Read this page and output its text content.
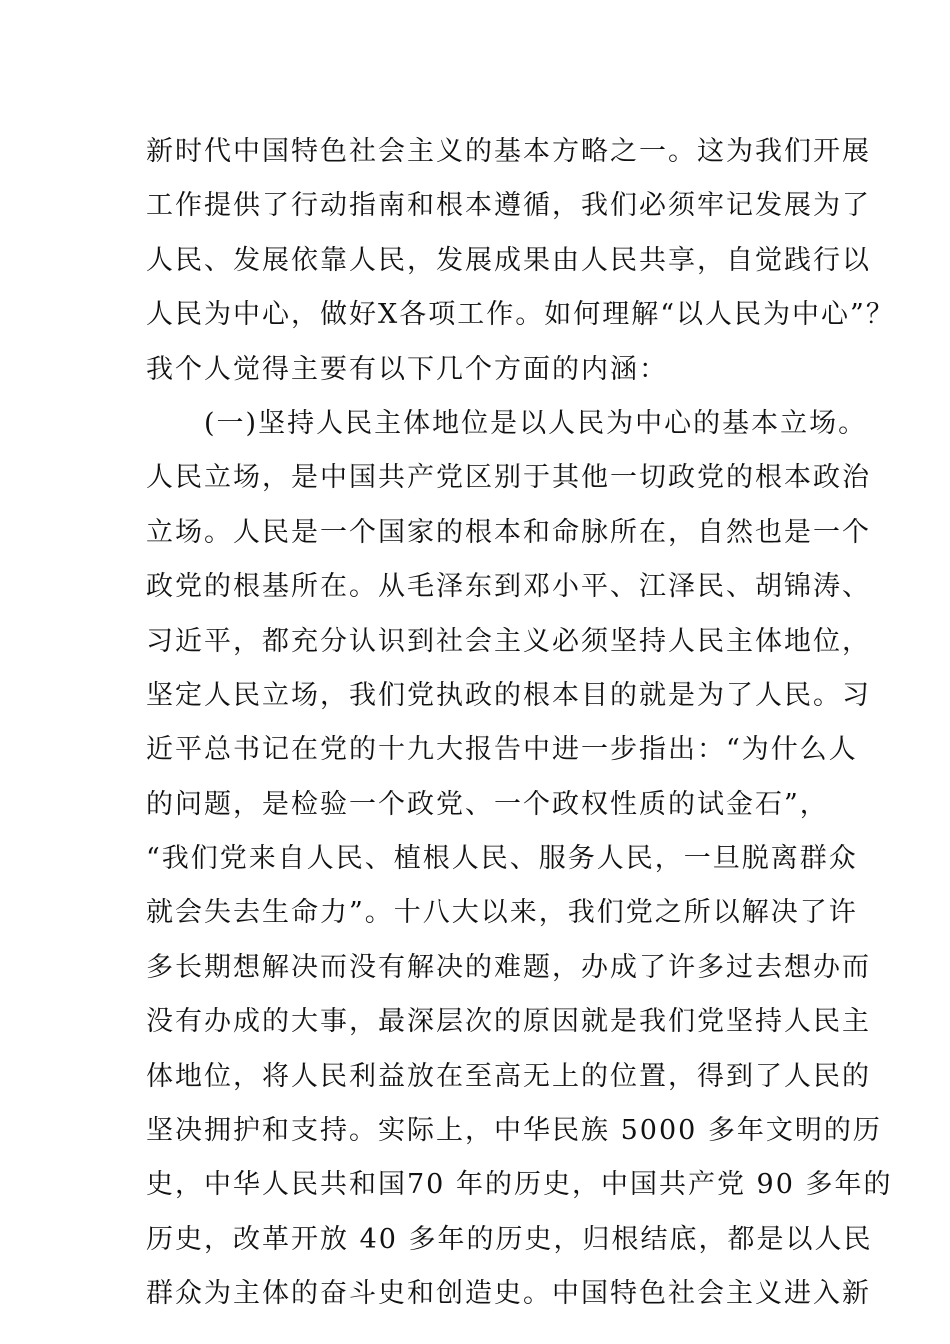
新时代中国特色社会主义的基本方略之一。这为我们开展
工作提供了行动指南和根本遵循，我们必须牢记发展为了
人民、发展依靠人民，发展成果由人民共享，自觉践行以
人民为中心，做好X各项工作。如何理解“以人民为中心”？
我个人觉得主要有以下几个方面的内涵：
　　(一)坚持人民主体地位是以人民为中心的基本立场。
人民立场，是中国共产党区别于其他一切政党的根本政治
立场。人民是一个国家的根本和命脉所在，自然也是一个
政党的根基所在。从毛泽东到邓小平、江泽民、胡锦涛、
习近平，都充分认识到社会主义必须坚持人民主体地位，
坚定人民立场，我们党执政的根本目的就是为了人民。习
近平总书记在党的十九大报告中进一步指出：“为什么人
的问题，是检验一个政党、一个政权性质的试金石”，
“我们党来自人民、植根人民、服务人民，一旦脱离群众
就会失去生命力”。十八大以来，我们党之所以解决了许
多长期想解决而没有解决的难题，办成了许多过去想办而
没有办成的大事，最深层次的原因就是我们党坚持人民主
体地位，将人民利益放在至高无上的位置，得到了人民的
坚决拥护和支持。实际上，中华民族 5000 多年文明的历
史，中华人民共和国70 年的历史，中国共产党 90 多年的
历史，改革开放 40 多年的历史，归根结底，都是以人民
群众为主体的奋斗史和创造史。中国特色社会主义进入新
